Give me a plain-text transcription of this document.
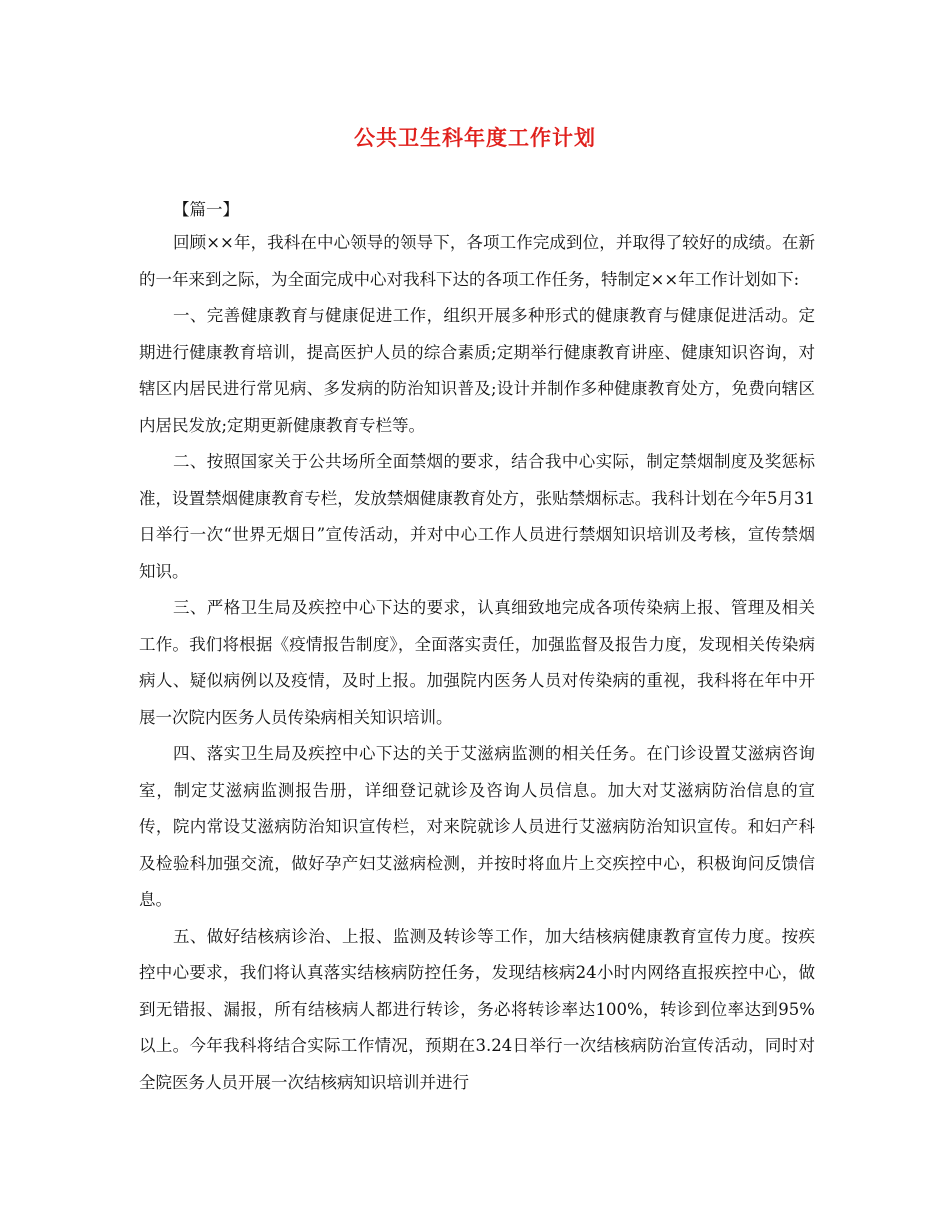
公共卫生科年度工作计划

【篇一】

回顾××年，我科在中心领导的领导下，各项工作完成到位，并取得了较好的成绩。在新的一年来到之际，为全面完成中心对我科下达的各项工作任务，特制定××年工作计划如下:

一、完善健康教育与健康促进工作，组织开展多种形式的健康教育与健康促进活动。定期进行健康教育培训，提高医护人员的综合素质;定期举行健康教育讲座、健康知识咨询，对辖区内居民进行常见病、多发病的防治知识普及;设计并制作多种健康教育处方，免费向辖区内居民发放;定期更新健康教育专栏等。

二、按照国家关于公共场所全面禁烟的要求，结合我中心实际，制定禁烟制度及奖惩标准，设置禁烟健康教育专栏，发放禁烟健康教育处方，张贴禁烟标志。我科计划在今年5月31日举行一次“世界无烟日”宣传活动，并对中心工作人员进行禁烟知识培训及考核，宣传禁烟知识。

三、严格卫生局及疾控中心下达的要求，认真细致地完成各项传染病上报、管理及相关工作。我们将根据《疫情报告制度》，全面落实责任，加强监督及报告力度，发现相关传染病病人、疑似病例以及疫情，及时上报。加强院内医务人员对传染病的重视，我科将在年中开展一次院内医务人员传染病相关知识培训。

四、落实卫生局及疾控中心下达的关于艾滋病监测的相关任务。在门诊设置艾滋病咨询室，制定艾滋病监测报告册，详细登记就诊及咨询人员信息。加大对艾滋病防治信息的宣传，院内常设艾滋病防治知识宣传栏，对来院就诊人员进行艾滋病防治知识宣传。和妇产科及检验科加强交流，做好孕产妇艾滋病检测，并按时将血片上交疾控中心，积极询问反馈信息。

五、做好结核病诊治、上报、监测及转诊等工作，加大结核病健康教育宣传力度。按疾控中心要求，我们将认真落实结核病防控任务，发现结核病24小时内网络直报疾控中心，做到无错报、漏报，所有结核病人都进行转诊，务必将转诊率达100%，转诊到位率达到95%以上。今年我科将结合实际工作情况，预期在3.24日举行一次结核病防治宣传活动，同时对全院医务人员开展一次结核病知识培训并进行
